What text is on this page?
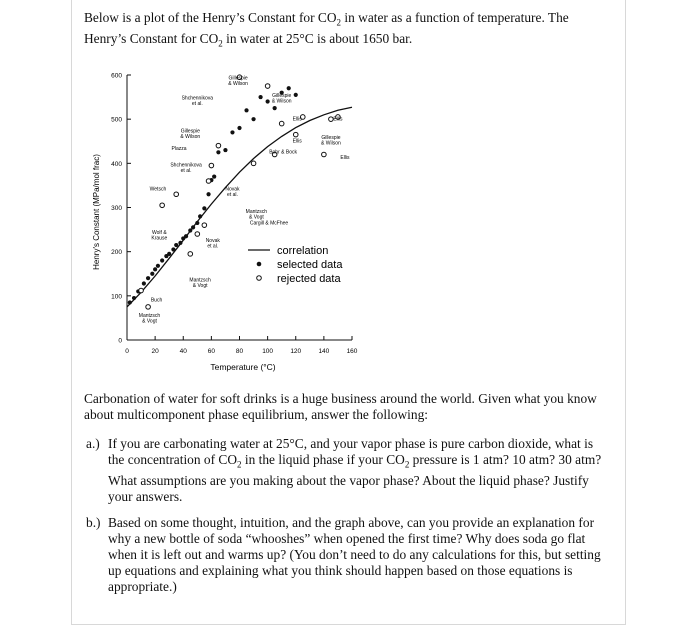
Below is a plot of the Henry’s Constant for $CO_2$ in water as a function of temperature. The
Henry’s Constant for $CO_2$ in water at 25°C is about 1650 bar.

0	20	40	60	80	100	120	140	160
0
100
200
300
400
500
600	Gillespie
& Wilson
Gillespie
& Wilson
Shchennikova
et al.
Ellis	Ellis
Gillespie
& Wilson
Ellis
Gillespie
& Wilson
Plazza
Bohr & Bock
Ellis
Shchennikova
et al.
Wetsch	Novak
et al.
Mantzsch
& Vogt
Cargill & McFhee
Wolf &
Krause	Novak
et al.
Mantzsch
& Vogt
Buch
Mantzsch
& Vogt
Temperature (°C)
Henry's Constant (MPa/mol frac)	correlation
selected data
rejected data

Carbonation of water for soft drinks is a huge business around the world. Given what you know
about multicomponent phase equilibrium, answer the following:

a.) If you are carbonating water at 25°C, and your vapor phase is pure carbon dioxide, what is
the concentration of $CO_2$ in the liquid phase if your $CO_2$ pressure is 1 atm? 10 atm? 30 atm?
What assumptions are you making about the vapor phase? About the liquid phase? Justify
your answers.
b.) Based on some thought, intuition, and the graph above, can you provide an explanation for
why a new bottle of soda “whooshes” when opened the first time? Why does soda go flat
when it is left out and warms up? (You don’t need to do any calculations for this, but setting
up equations and explaining what you think should happen based on those equations is
appropriate.)
